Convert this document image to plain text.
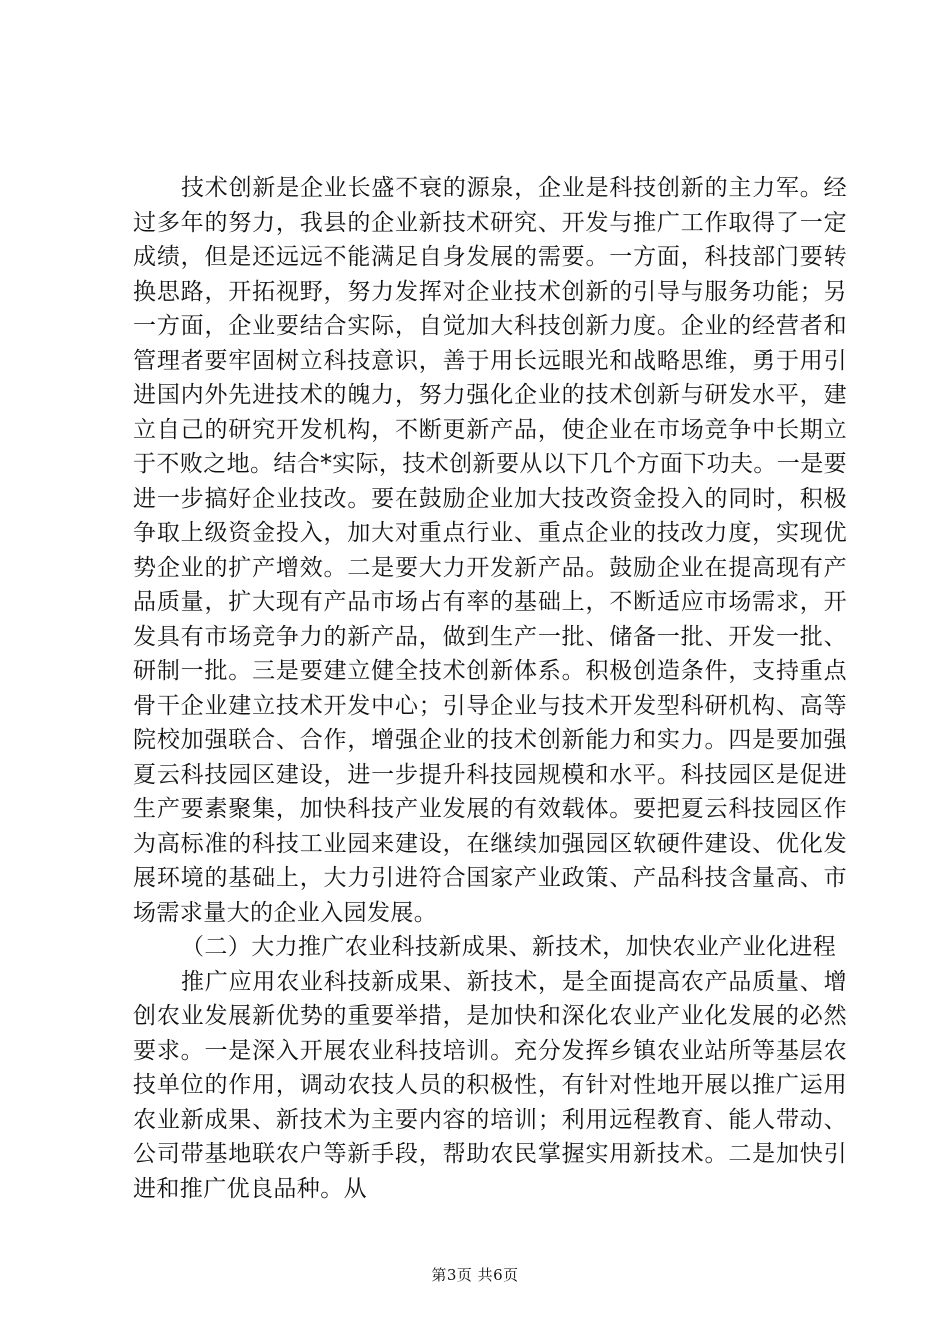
技术创新是企业长盛不衰的源泉，企业是科技创新的主力军。经过多年的努力，我县的企业新技术研究、开发与推广工作取得了一定成绩，但是还远远不能满足自身发展的需要。一方面，科技部门要转换思路，开拓视野，努力发挥对企业技术创新的引导与服务功能；另一方面，企业要结合实际，自觉加大科技创新力度。企业的经营者和管理者要牢固树立科技意识，善于用长远眼光和战略思维，勇于用引进国内外先进技术的魄力，努力强化企业的技术创新与研发水平，建立自己的研究开发机构，不断更新产品，使企业在市场竞争中长期立于不败之地。结合*实际，技术创新要从以下几个方面下功夫。一是要进一步搞好企业技改。要在鼓励企业加大技改资金投入的同时，积极争取上级资金投入，加大对重点行业、重点企业的技改力度，实现优势企业的扩产增效。二是要大力开发新产品。鼓励企业在提高现有产品质量，扩大现有产品市场占有率的基础上，不断适应市场需求，开发具有市场竞争力的新产品，做到生产一批、储备一批、开发一批、研制一批。三是要建立健全技术创新体系。积极创造条件，支持重点骨干企业建立技术开发中心；引导企业与技术开发型科研机构、高等院校加强联合、合作，增强企业的技术创新能力和实力。四是要加强夏云科技园区建设，进一步提升科技园规模和水平。科技园区是促进生产要素聚集，加快科技产业发展的有效载体。要把夏云科技园区作为高标准的科技工业园来建设，在继续加强园区软硬件建设、优化发展环境的基础上，大力引进符合国家产业政策、产品科技含量高、市场需求量大的企业入园发展。

（二）大力推广农业科技新成果、新技术，加快农业产业化进程

推广应用农业科技新成果、新技术，是全面提高农产品质量、增创农业发展新优势的重要举措，是加快和深化农业产业化发展的必然要求。一是深入开展农业科技培训。充分发挥乡镇农业站所等基层农技单位的作用，调动农技人员的积极性，有针对性地开展以推广运用农业新成果、新技术为主要内容的培训；利用远程教育、能人带动、公司带基地联农户等新手段，帮助农民掌握实用新技术。二是加快引进和推广优良品种。从

第3页 共6页
